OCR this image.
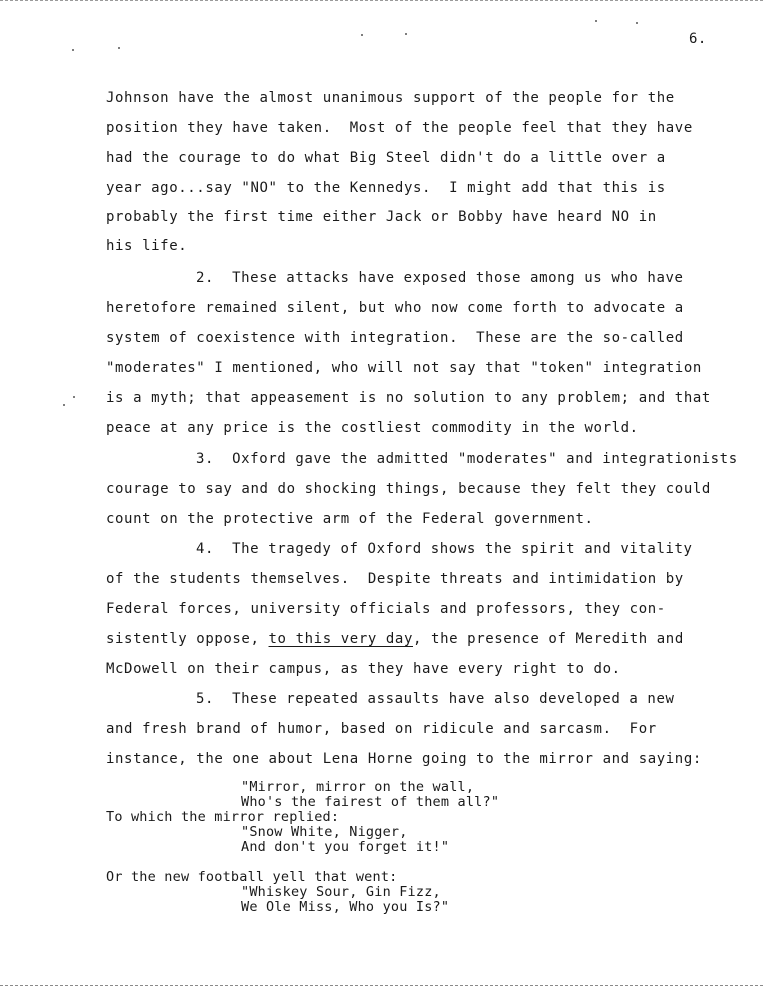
6.
Johnson have the almost unanimous support of the people for the
position they have taken.  Most of the people feel that they have
had the courage to do what Big Steel didn't do a little over a
year ago...say "NO" to the Kennedys.  I might add that this is
probably the first time either Jack or Bobby have heard NO in
his life.
2.  These attacks have exposed those among us who have
heretofore remained silent, but who now come forth to advocate a
system of coexistence with integration.  These are the so-called
"moderates" I mentioned, who will not say that "token" integration
is a myth; that appeasement is no solution to any problem; and that
peace at any price is the costliest commodity in the world.
3.  Oxford gave the admitted "moderates" and integrationists
courage to say and do shocking things, because they felt they could
count on the protective arm of the Federal government.
4.  The tragedy of Oxford shows the spirit and vitality
of the students themselves.  Despite threats and intimidation by
Federal forces, university officials and professors, they con-
sistently oppose, to this very day, the presence of Meredith and
McDowell on their campus, as they have every right to do.
5.  These repeated assaults have also developed a new
and fresh brand of humor, based on ridicule and sarcasm.  For
instance, the one about Lena Horne going to the mirror and saying:
"Mirror, mirror on the wall,
Who's the fairest of them all?"
To which the mirror replied:
"Snow White, Nigger,
And don't you forget it!"
Or the new football yell that went:
"Whiskey Sour, Gin Fizz,
We Ole Miss, Who you Is?"
